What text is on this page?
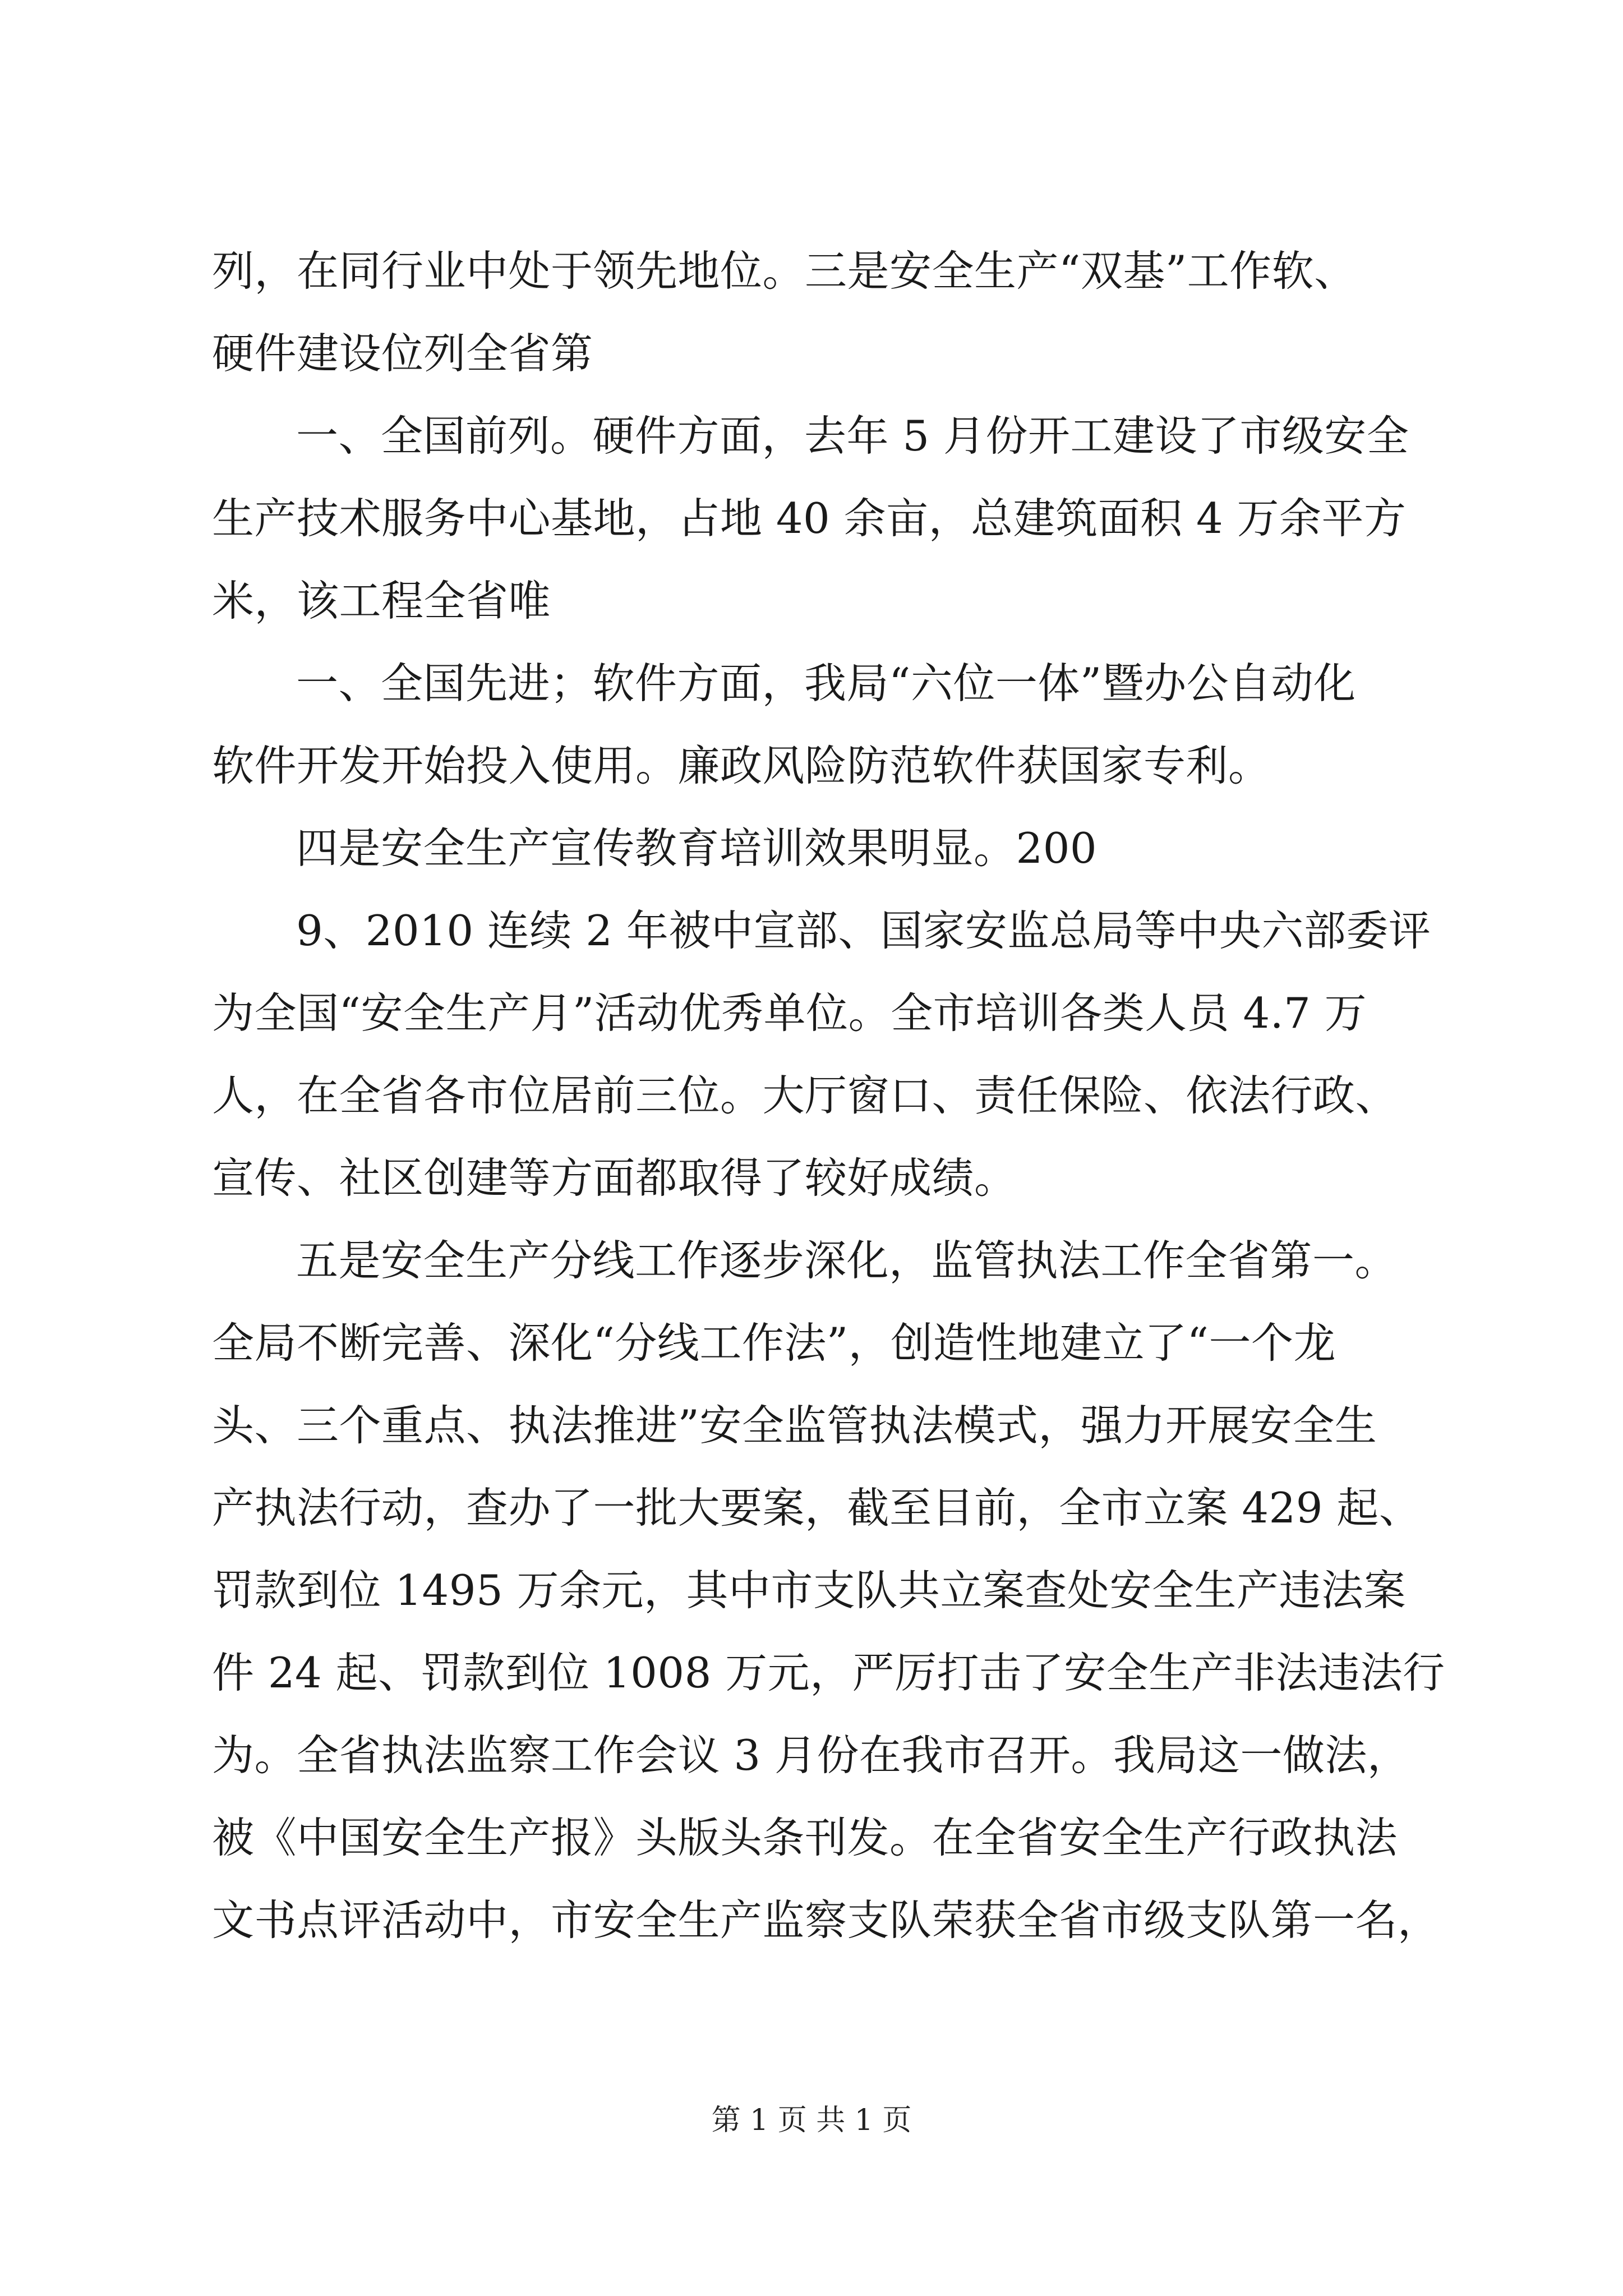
列，在同行业中处于领先地位。三是安全生产“双基”工作软、
硬件建设位列全省第
一、全国前列。硬件方面，去年 5 月份开工建设了市级安全
生产技术服务中心基地，占地 40 余亩，总建筑面积 4 万余平方
米，该工程全省唯
一、全国先进；软件方面，我局“六位一体”暨办公自动化
软件开发开始投入使用。廉政风险防范软件获国家专利。
四是安全生产宣传教育培训效果明显。200
9、2010 连续 2 年被中宣部、国家安监总局等中央六部委评
为全国“安全生产月”活动优秀单位。全市培训各类人员 4.7 万
人，在全省各市位居前三位。大厅窗口、责任保险、依法行政、
宣传、社区创建等方面都取得了较好成绩。
五是安全生产分线工作逐步深化，监管执法工作全省第一。
全局不断完善、深化“分线工作法”，创造性地建立了“一个龙
头、三个重点、执法推进”安全监管执法模式，强力开展安全生
产执法行动，查办了一批大要案，截至目前，全市立案 429 起、
罚款到位 1495 万余元，其中市支队共立案查处安全生产违法案
件 24 起、罚款到位 1008 万元，严厉打击了安全生产非法违法行
为。全省执法监察工作会议 3 月份在我市召开。我局这一做法，
被《中国安全生产报》头版头条刊发。在全省安全生产行政执法
文书点评活动中，市安全生产监察支队荣获全省市级支队第一名，
第 1 页 共 1 页
